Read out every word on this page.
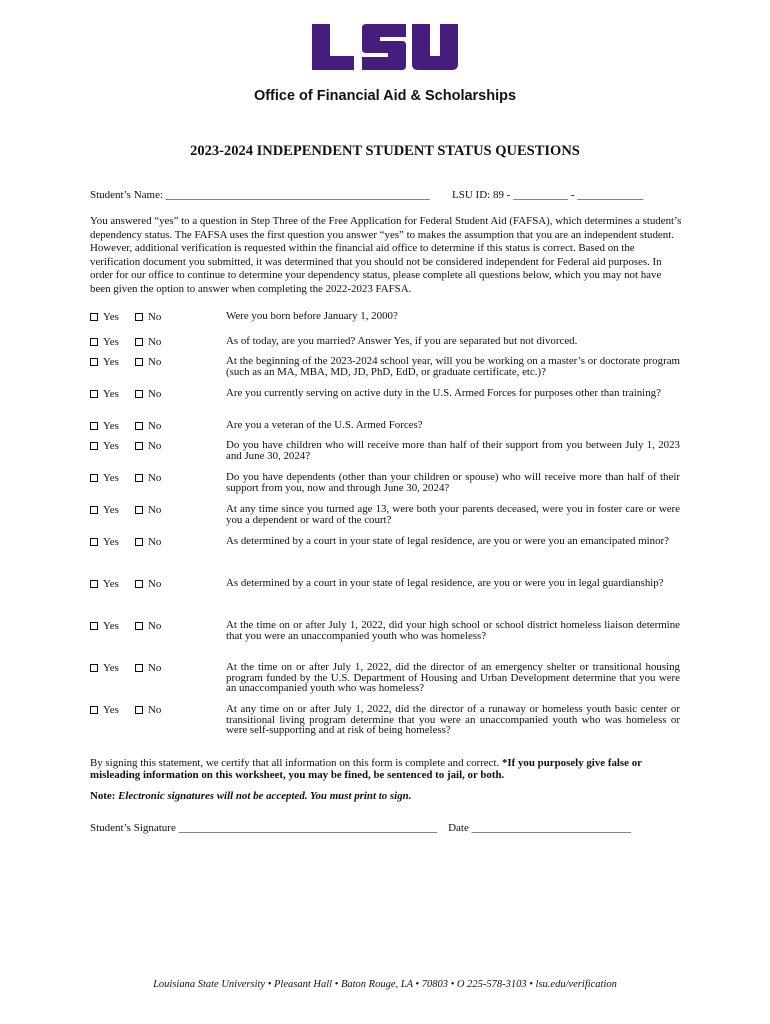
Office of Financial Aid & Scholarships
2023-2024 INDEPENDENT STUDENT STATUS QUESTIONS
Student’s Name: ________________________________________________ LSU ID: 89 - __________ - ____________
You answered “yes” to a question in Step Three of the Free Application for Federal Student Aid (FAFSA), which determines a student’s dependency status. The FAFSA uses the first question you answer “yes” to makes the assumption that you are an independent student. However, additional verification is requested within the financial aid office to determine if this status is correct. Based on the verification document you submitted, it was determined that you should not be considered independent for Federal aid purposes. In order for our office to continue to determine your dependency status, please complete all questions below, which you may not have been given the option to answer when completing the 2022-2023 FAFSA.
Yes	No	Were you born before January 1, 2000?
Yes	No	As of today, are you married? Answer Yes, if you are separated but not divorced.
Yes	No	At the beginning of the 2023-2024 school year, will you be working on a master’s or doctorate program (such as an MA, MBA, MD, JD, PhD, EdD, or graduate certificate, etc.)?
Yes	No	Are you currently serving on active duty in the U.S. Armed Forces for purposes other than training?
Yes	No	Are you a veteran of the U.S. Armed Forces?
Yes	No	Do you have children who will receive more than half of their support from you between July 1, 2023 and June 30, 2024?
Yes	No	Do you have dependents (other than your children or spouse) who will receive more than half of their support from you, now and through June 30, 2024?
Yes	No	At any time since you turned age 13, were both your parents deceased, were you in foster care or were you a dependent or ward of the court?
Yes	No	As determined by a court in your state of legal residence, are you or were you an emancipated minor?
Yes	No	As determined by a court in your state of legal residence, are you or were you in legal guardianship?
Yes	No	At the time on or after July 1, 2022, did your high school or school district homeless liaison determine that you were an unaccompanied youth who was homeless?
Yes	No	At the time on or after July 1, 2022, did the director of an emergency shelter or transitional housing program funded by the U.S. Department of Housing and Urban Development determine that you were an unaccompanied youth who was homeless?
Yes	No	At any time on or after July 1, 2022, did the director of a runaway or homeless youth basic center or transitional living program determine that you were an unaccompanied youth who was homeless or were self-supporting and at risk of being homeless?
By signing this statement, we certify that all information on this form is complete and correct. *If you purposely give false or misleading information on this worksheet, you may be fined, be sentenced to jail, or both.
Note: Electronic signatures will not be accepted. You must print to sign.
Student’s Signature _______________________________________________ Date _____________________________
Louisiana State University • Pleasant Hall • Baton Rouge, LA • 70803 • O 225-578-3103 • lsu.edu/verification
